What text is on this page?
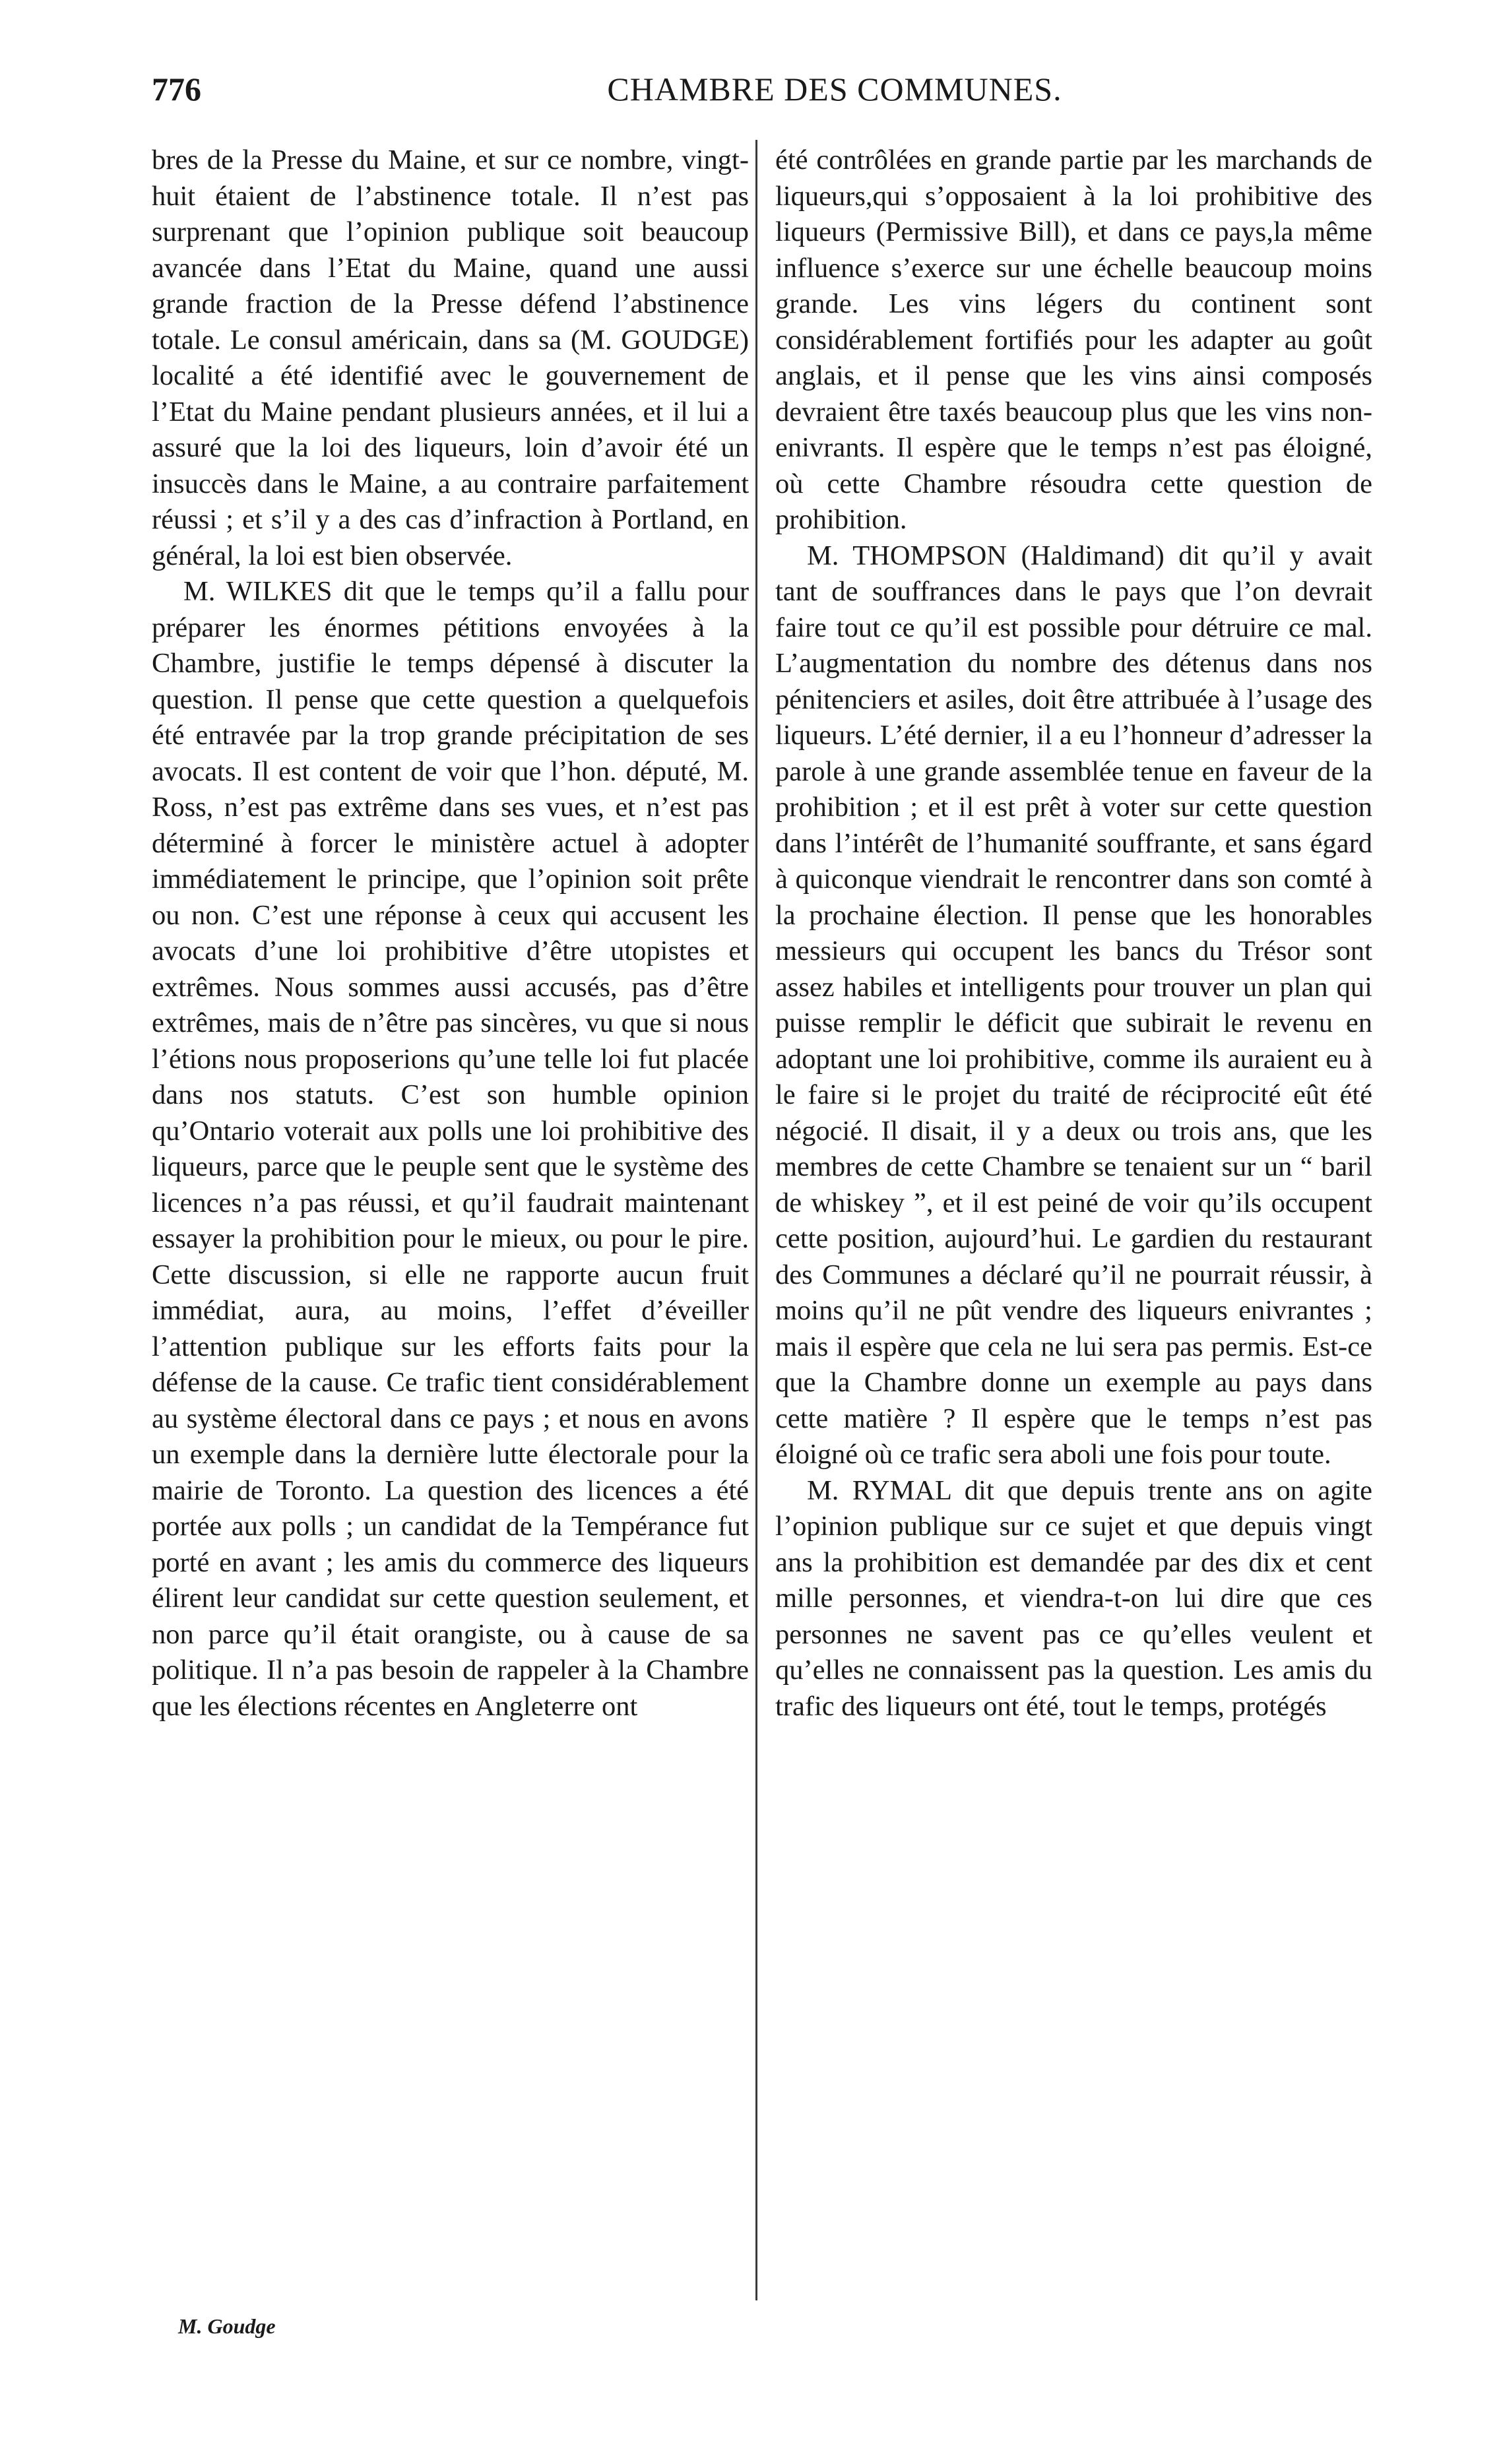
776	CHAMBRE DES COMMUNES.

bres de la Presse du Maine, et sur ce nombre, vingt-huit étaient de l’abstinence totale. Il n’est pas surprenant que l’opinion publique soit beaucoup avancée dans l’Etat du Maine, quand une aussi grande fraction de la Presse défend l’abstinence totale. Le consul américain, dans sa (M. GOUDGE) localité a été identifié avec le gouvernement de l’Etat du Maine pendant plusieurs années, et il lui a assuré que la loi des liqueurs, loin d’avoir été un insuccès dans le Maine, a au contraire parfaitement réussi ; et s’il y a des cas d’infraction à Portland, en général, la loi est bien observée.

M. WILKES dit que le temps qu’il a fallu pour préparer les énormes pétitions envoyées à la Chambre, justifie le temps dépensé à discuter la question. Il pense que cette question a quelquefois été entravée par la trop grande précipitation de ses avocats. Il est content de voir que l’hon. député, M. Ross, n’est pas extrême dans ses vues, et n’est pas déterminé à forcer le ministère actuel à adopter immédiatement le principe, que l’opinion soit prête ou non. C’est une réponse à ceux qui accusent les avocats d’une loi prohibitive d’être utopistes et extrêmes. Nous sommes aussi accusés, pas d’être extrêmes, mais de n’être pas sincères, vu que si nous l’étions nous proposerions qu’une telle loi fut placée dans nos statuts. C’est son humble opinion qu’Ontario voterait aux polls une loi prohibitive des liqueurs, parce que le peuple sent que le système des licences n’a pas réussi, et qu’il faudrait maintenant essayer la prohibition pour le mieux, ou pour le pire. Cette discussion, si elle ne rapporte aucun fruit immédiat, aura, au moins, l’effet d’éveiller l’attention publique sur les efforts faits pour la défense de la cause. Ce trafic tient considérablement au système électoral dans ce pays ; et nous en avons un exemple dans la dernière lutte électorale pour la mairie de Toronto. La question des licences a été portée aux polls ; un candidat de la Tempérance fut porté en avant ; les amis du commerce des liqueurs élirent leur candidat sur cette question seulement, et non parce qu’il était orangiste, ou à cause de sa politique. Il n’a pas besoin de rappeler à la Chambre que les élections récentes en Angleterre ont

été contrôlées en grande partie par les marchands de liqueurs,qui s’opposaient à la loi prohibitive des liqueurs (Permissive Bill), et dans ce pays,la même influence s’exerce sur une échelle beaucoup moins grande. Les vins légers du continent sont considérablement fortifiés pour les adapter au goût anglais, et il pense que les vins ainsi composés devraient être taxés beaucoup plus que les vins non-enivrants. Il espère que le temps n’est pas éloigné, où cette Chambre résoudra cette question de prohibition.

M. THOMPSON (Haldimand) dit qu’il y avait tant de souffrances dans le pays que l’on devrait faire tout ce qu’il est possible pour détruire ce mal. L’augmentation du nombre des détenus dans nos pénitenciers et asiles, doit être attribuée à l’usage des liqueurs. L’été dernier, il a eu l’honneur d’adresser la parole à une grande assemblée tenue en faveur de la prohibition ; et il est prêt à voter sur cette question dans l’intérêt de l’humanité souffrante, et sans égard à quiconque viendrait le rencontrer dans son comté à la prochaine élection. Il pense que les honorables messieurs qui occupent les bancs du Trésor sont assez habiles et intelligents pour trouver un plan qui puisse remplir le déficit que subirait le revenu en adoptant une loi prohibitive, comme ils auraient eu à le faire si le projet du traité de réciprocité eût été négocié. Il disait, il y a deux ou trois ans, que les membres de cette Chambre se tenaient sur un “ baril de whiskey ”, et il est peiné de voir qu’ils occupent cette position, aujourd’hui. Le gardien du restaurant des Communes a déclaré qu’il ne pourrait réussir, à moins qu’il ne pût vendre des liqueurs enivrantes ; mais il espère que cela ne lui sera pas permis. Est-ce que la Chambre donne un exemple au pays dans cette matière ? Il espère que le temps n’est pas éloigné où ce trafic sera aboli une fois pour toute.

M. RYMAL dit que depuis trente ans on agite l’opinion publique sur ce sujet et que depuis vingt ans la prohibition est demandée par des dix et cent mille personnes, et viendra-t-on lui dire que ces personnes ne savent pas ce qu’elles veulent et qu’elles ne connaissent pas la question. Les amis du trafic des liqueurs ont été, tout le temps, protégés

M. Goudge
